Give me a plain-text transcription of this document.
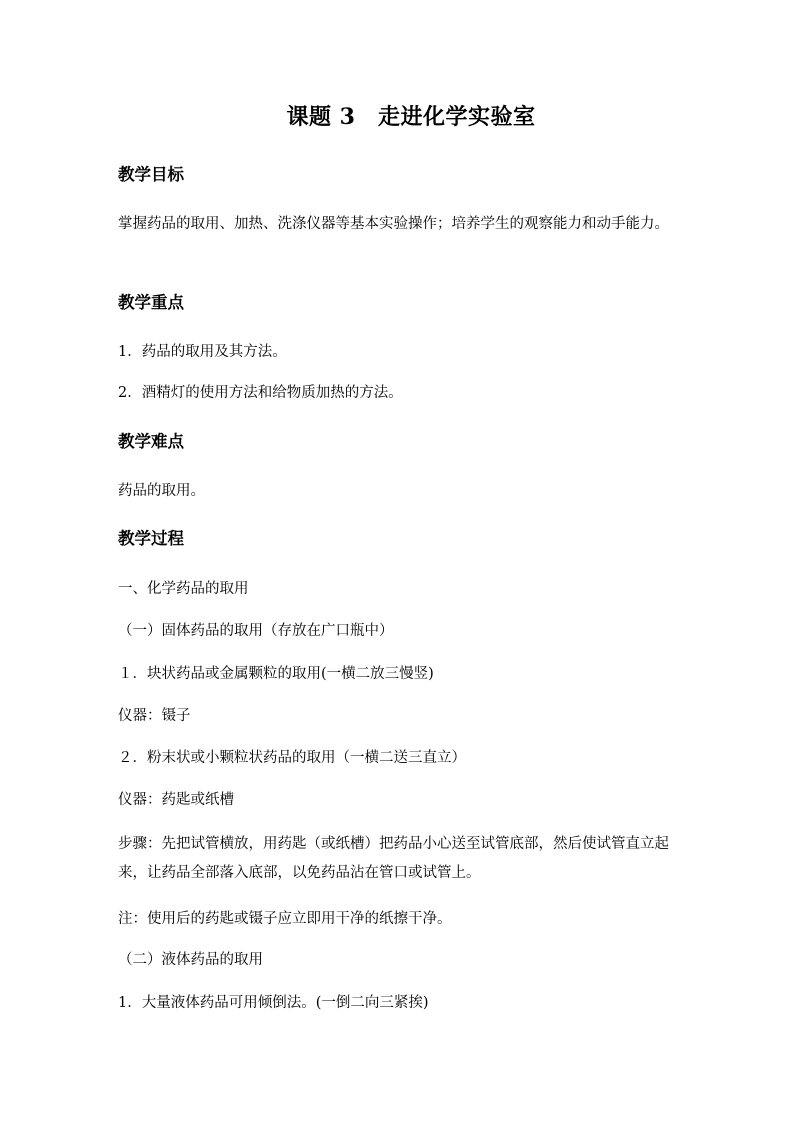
课题 3　走进化学实验室
教学目标
掌握药品的取用、加热、洗涤仪器等基本实验操作；培养学生的观察能力和动手能力。
教学重点
1．药品的取用及其方法。
2．酒精灯的使用方法和给物质加热的方法。
教学难点
药品的取用。
教学过程
一、化学药品的取用
（一）固体药品的取用（存放在广口瓶中）
１．块状药品或金属颗粒的取用(一横二放三慢竖)
仪器：镊子
２．粉末状或小颗粒状药品的取用（一横二送三直立）
仪器：药匙或纸槽
步骤：先把试管横放，用药匙（或纸槽）把药品小心送至试管底部，然后使试管直立起来，让药品全部落入底部，以免药品沾在管口或试管上。
注：使用后的药匙或镊子应立即用干净的纸擦干净。
（二）液体药品的取用
1．大量液体药品可用倾倒法。(一倒二向三紧挨)
